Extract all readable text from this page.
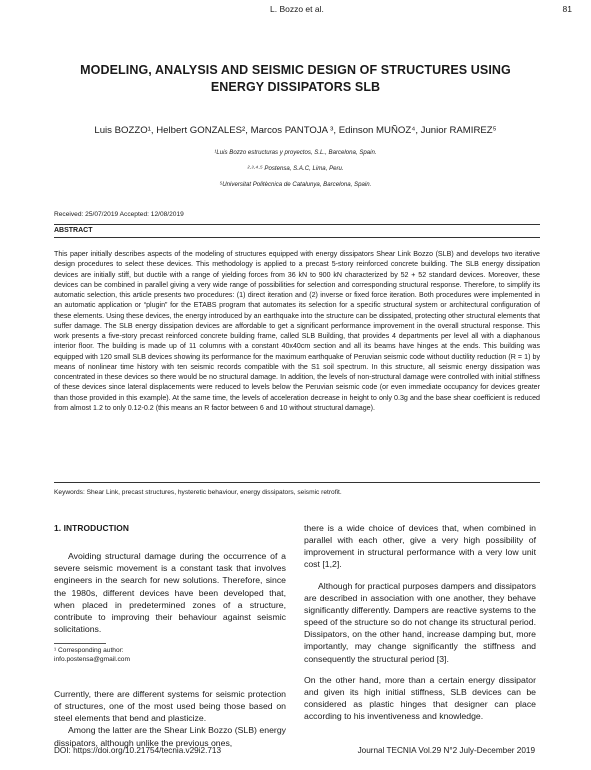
L. Bozzo et al.	81
MODELING, ANALYSIS AND SEISMIC DESIGN OF STRUCTURES USING
ENERGY DISSIPATORS SLB
Luis BOZZO¹, Helbert GONZALES², Marcos PANTOJA ³, Edinson MUÑOZ⁴, Junior RAMIREZ⁵
¹Luis Bozzo estructuras y proyectos, S.L., Barcelona, Spain.
²·³·⁴·⁵ Postensa, S.A.C, Lima, Peru.
⁵Universitat Politècnica de Catalunya, Barcelona, Spain.
Received: 25/07/2019 Accepted: 12/08/2019
ABSTRACT

This paper initially describes aspects of the modeling of structures equipped with energy dissipators Shear Link Bozzo (SLB) and develops two iterative design procedures to select these devices. This methodology is applied to a precast 5-story reinforced concrete building. The SLB energy dissipation devices are initially stiff, but ductile with a range of yielding forces from 36 kN to 900 kN characterized by 52 + 52 standard devices. Moreover, these devices can be combined in parallel giving a very wide range of possibilities for selection and corresponding structural response. Therefore, to simplify its automatic selection, this article presents two procedures: (1) direct iteration and (2) inverse or fixed force iteration. Both procedures were implemented in an automatic application or “plugin” for the ETABS program that automates its selection for a specific structural system or architectural configuration of these elements. Using these devices, the energy introduced by an earthquake into the structure can be dissipated, protecting other structural elements that suffer damage. The SLB energy dissipation devices are affordable to get a significant performance improvement in the overall structural response. This work presents a five-story precast reinforced concrete building frame, called SLB Building, that provides 4 departments per level all with a diaphanous interior floor. The building is made up of 11 columns with a constant 40x40cm section and all its beams have hinges at the ends. This building was equipped with 120 small SLB devices showing its performance for the maximum earthquake of Peruvian seismic code without ductility reduction (R = 1) by means of nonlinear time history with ten seismic records compatible with the S1 soil spectrum. In this structure, all seismic energy dissipation was concentrated in these devices so there would be no structural damage. In addition, the levels of non-structural damage were controlled with initial stiffness of these devices since lateral displacements were reduced to levels below the Peruvian seismic code (or even immediate occupancy for devices greater than those provided in this example). At the same time, the levels of acceleration decrease in height to only 0.3g and the base shear coefficient is reduced from almost 1.2 to only 0.12-0.2 (this means an R factor between 6 and 10 without structural damage).

Keywords: Shear Link, precast structures, hysteretic behaviour, energy dissipators, seismic retrofit.

1. INTRODUCTION

Avoiding structural damage during the occurrence of a severe seismic movement is a constant task that involves engineers in the search for new solutions. Therefore, since the 1980s, different devices have been developed that, when placed in predetermined zones of a structure, contribute to improving their behaviour against seismic solicitations.

¹ Corresponding author:
info.postensa@gmail.com

Currently, there are different systems for seismic protection of structures, one of the most used being those based on steel elements that bend and plasticize.

Among the latter are the Shear Link Bozzo (SLB) energy dissipators, although unlike the previous ones,

there is a wide choice of devices that, when combined in parallel with each other, give a very high possibility of improvement in structural performance with a very low unit cost [1,2].

Although for practical purposes dampers and dissipators are described in association with one another, they behave significantly differently. Dampers are reactive systems to the speed of the structure so do not change its structural period. Dissipators, on the other hand, increase damping but, more importantly, may change significantly the stiffness and consequently the structural period [3].

On the other hand, more than a certain energy dissipator and given its high initial stiffness, SLB devices can be considered as plastic hinges that designer can place according to his inventiveness and knowledge.

DOI: https://doi.org/10.21754/tecnia.v29i2.713	Journal TECNIA Vol.29 N°2 July-December 2019
